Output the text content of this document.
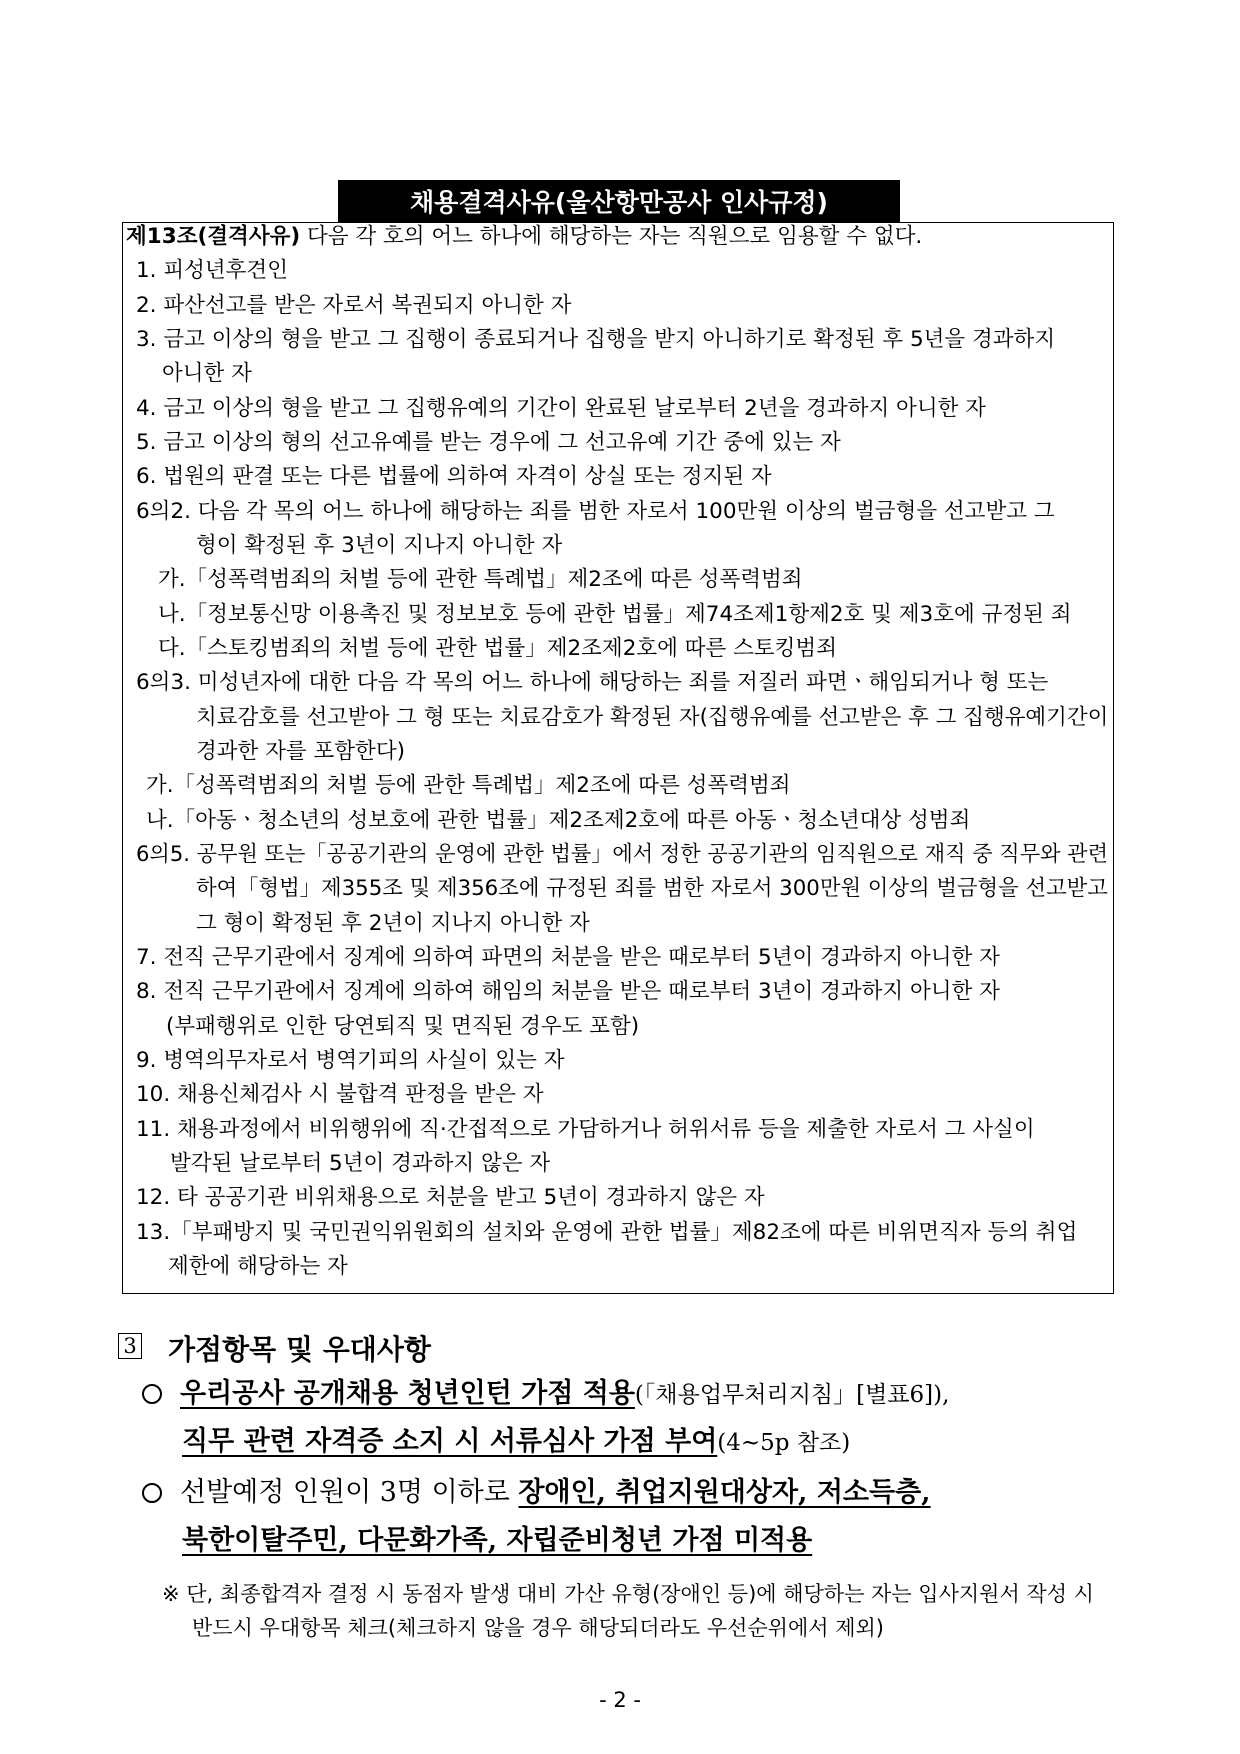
채용결격사유(울산항만공사 인사규정)
제13조(결격사유) 다음 각 호의 어느 하나에 해당하는 자는 직원으로 임용할 수 없다.
1. 피성년후견인
2. 파산선고를 받은 자로서 복권되지 아니한 자
3. 금고 이상의 형을 받고 그 집행이 종료되거나 집행을 받지 아니하기로 확정된 후 5년을 경과하지
아니한 자
4. 금고 이상의 형을 받고 그 집행유예의 기간이 완료된 날로부터 2년을 경과하지 아니한 자
5. 금고 이상의 형의 선고유예를 받는 경우에 그 선고유예 기간 중에 있는 자
6. 법원의 판결 또는 다른 법률에 의하여 자격이 상실 또는 정지된 자
6의2. 다음 각 목의 어느 하나에 해당하는 죄를 범한 자로서 100만원 이상의 벌금형을 선고받고 그
형이 확정된 후 3년이 지나지 아니한 자
가.「성폭력범죄의 처벌 등에 관한 특례법」제2조에 따른 성폭력범죄
나.「정보통신망 이용촉진 및 정보보호 등에 관한 법률」제74조제1항제2호 및 제3호에 규정된 죄
다.「스토킹범죄의 처벌 등에 관한 법률」제2조제2호에 따른 스토킹범죄
6의3. 미성년자에 대한 다음 각 목의 어느 하나에 해당하는 죄를 저질러 파면ㆍ해임되거나 형 또는
치료감호를 선고받아 그 형 또는 치료감호가 확정된 자(집행유예를 선고받은 후 그 집행유예기간이
경과한 자를 포함한다)
가.「성폭력범죄의 처벌 등에 관한 특례법」제2조에 따른 성폭력범죄
나.「아동ㆍ청소년의 성보호에 관한 법률」제2조제2호에 따른 아동ㆍ청소년대상 성범죄
6의5. 공무원 또는「공공기관의 운영에 관한 법률」에서 정한 공공기관의 임직원으로 재직 중 직무와 관련
하여「형법」제355조 및 제356조에 규정된 죄를 범한 자로서 300만원 이상의 벌금형을 선고받고
그 형이 확정된 후 2년이 지나지 아니한 자
7. 전직 근무기관에서 징계에 의하여 파면의 처분을 받은 때로부터 5년이 경과하지 아니한 자
8. 전직 근무기관에서 징계에 의하여 해임의 처분을 받은 때로부터 3년이 경과하지 아니한 자
(부패행위로 인한 당연퇴직 및 면직된 경우도 포함)
9. 병역의무자로서 병역기피의 사실이 있는 자
10. 채용신체검사 시 불합격 판정을 받은 자
11. 채용과정에서 비위행위에 직·간접적으로 가담하거나 허위서류 등을 제출한 자로서 그 사실이
발각된 날로부터 5년이 경과하지 않은 자
12. 타 공공기관 비위채용으로 처분을 받고 5년이 경과하지 않은 자
13.「부패방지 및 국민권익위원회의 설치와 운영에 관한 법률」제82조에 따른 비위면직자 등의 취업
제한에 해당하는 자
3 가점항목 및 우대사항
우리공사 공개채용 청년인턴 가점 적용(「채용업무처리지침」[별표6]),
직무 관련 자격증 소지 시 서류심사 가점 부여(4~5p 참조)
선발예정 인원이 3명 이하로 장애인, 취업지원대상자, 저소득층,
북한이탈주민, 다문화가족, 자립준비청년 가점 미적용
※ 단, 최종합격자 결정 시 동점자 발생 대비 가산 유형(장애인 등)에 해당하는 자는 입사지원서 작성 시
반드시 우대항목 체크(체크하지 않을 경우 해당되더라도 우선순위에서 제외)
- 2 -
